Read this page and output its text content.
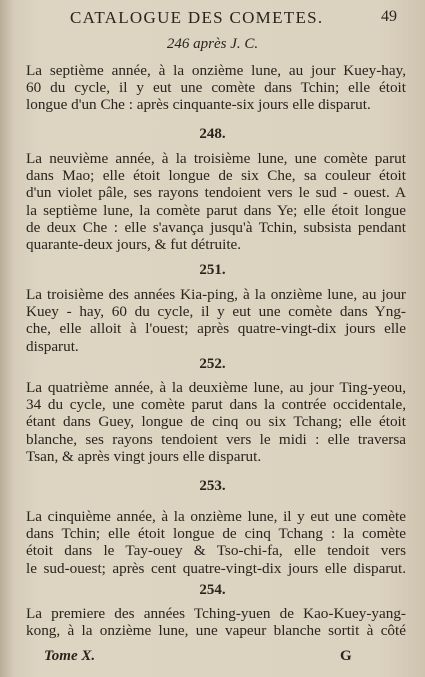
CATALOGUE DES COMETES.	49
246 après J. C.

La septième année, à la onzième lune, au jour Kuey-hay,
60 du cycle, il y eut une comète dans Tchin; elle étoit
longue d'un Che : après cinquante-six jours elle disparut.

248.

La neuvième année, à la troisième lune, une comète parut
dans Mao; elle étoit longue de six Che, sa couleur étoit
d'un violet pâle, ses rayons tendoient vers le sud - ouest. A
la septième lune, la comète parut dans Ye; elle étoit longue
de deux Che : elle s'avança jusqu'à Tchin, subsista pendant
quarante-deux jours, & fut détruite.

251.

La troisième des années Kia-ping, à la onzième lune, au jour
Kuey - hay, 60 du cycle, il y eut une comète dans Yng-
che, elle alloit à l'ouest; après quatre-vingt-dix jours elle
disparut.

252.

La quatrième année, à la deuxième lune, au jour Ting-yeou,
34 du cycle, une comète parut dans la contrée occidentale,
étant dans Guey, longue de cinq ou six Tchang; elle étoit
blanche, ses rayons tendoient vers le midi : elle traversa
Tsan, & après vingt jours elle disparut.

253.

La cinquième année, à la onzième lune, il y eut une comète
dans Tchin; elle étoit longue de cinq Tchang : la comète
étoit dans le Tay-ouey & Tso-chi-fa, elle tendoit vers
le sud-ouest; après cent quatre-vingt-dix jours elle disparut.

254.

La premiere des années Tching-yuen de Kao-Kuey-yang-
kong, à la onzième lune, une vapeur blanche sortit à côté

Tome X.	G
